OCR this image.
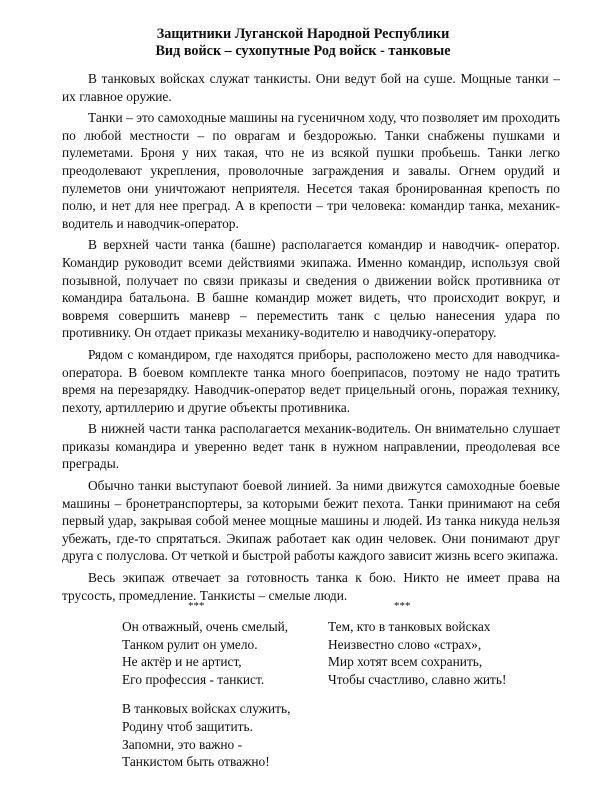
Защитники Луганской Народной Республики
Вид войск – сухопутные Род войск - танковые

В танковых войсках служат танкисты. Они ведут бой на суше. Мощные танки – их главное оружие.

Танки – это самоходные машины на гусеничном ходу, что позволяет им проходить по любой местности – по оврагам и бездорожью. Танки снабжены пушками и пулеметами. Броня у них такая, что не из всякой пушки пробьешь. Танки легко преодолевают укрепления, проволочные заграждения и завалы. Огнем орудий и пулеметов они уничтожают неприятеля. Несется такая бронированная крепость по полю, и нет для нее преград. А в крепости – три человека: командир танка, механик-водитель и наводчик-оператор.

В верхней части танка (башне) располагается командир и наводчик- оператор. Командир руководит всеми действиями экипажа. Именно командир, используя свой позывной, получает по связи приказы и сведения о движении войск противника от командира батальона. В башне командир может видеть, что происходит вокруг, и вовремя совершить маневр – переместить танк с целью нанесения удара по противнику. Он отдает приказы механику-водителю и наводчику-оператору.

Рядом с командиром, где находятся приборы, расположено место для наводчика-оператора. В боевом комплекте танка много боеприпасов, поэтому не надо тратить время на перезарядку. Наводчик-оператор ведет прицельный огонь, поражая технику, пехоту, артиллерию и другие объекты противника.

В нижней части танка располагается механик-водитель. Он внимательно слушает приказы командира и уверенно ведет танк в нужном направлении, преодолевая все преграды.

Обычно танки выступают боевой линией. За ними движутся самоходные боевые машины – бронетранспортеры, за которыми бежит пехота. Танки принимают на себя первый удар, закрывая собой менее мощные машины и людей. Из танка никуда нельзя убежать, где-то спрятаться. Экипаж работает как один человек. Они понимают друг друга с полуслова. От четкой и быстрой работы каждого зависит жизнь всего экипажа.

Весь экипаж отвечает за готовность танка к бою. Никто не имеет права на трусость, промедление. Танкисты – смелые люди.

***
Он отважный, очень смелый,
Танком рулит он умело.
Не актёр и не артист,
Его профессия - танкист.
В танковых войсках служить,
Родину чтоб защитить.
Запомни, это важно -
Танкистом быть отважно!
***
Тем, кто в танковых войсках
Неизвестно слово «страх»,
Мир хотят всем сохранить,
Чтобы счастливо, славно жить!
